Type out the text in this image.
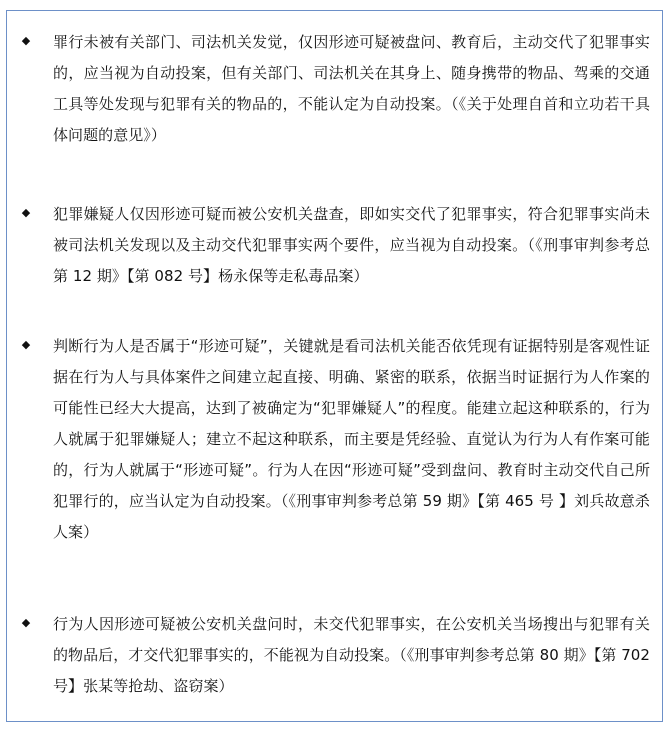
◆	罪行未被有关部门、司法机关发觉，仅因形迹可疑被盘问、教育后，主动交代了犯罪事实的，应当视为自动投案，但有关部门、司法机关在其身上、随身携带的物品、驾乘的交通工具等处发现与犯罪有关的物品的，不能认定为自动投案。（《关于处理自首和立功若干具体问题的意见》）
◆	犯罪嫌疑人仅因形迹可疑而被公安机关盘查，即如实交代了犯罪事实，符合犯罪事实尚未被司法机关发现以及主动交代犯罪事实两个要件，应当视为自动投案。（《刑事审判参考总第 12 期》【第 082 号】杨永保等走私毒品案）
◆	判断行为人是否属于“形迹可疑”，关键就是看司法机关能否依凭现有证据特别是客观性证据在行为人与具体案件之间建立起直接、明确、紧密的联系，依据当时证据行为人作案的可能性已经大大提高，达到了被确定为“犯罪嫌疑人”的程度。能建立起这种联系的，行为人就属于犯罪嫌疑人；建立不起这种联系，而主要是凭经验、直觉认为行为人有作案可能的，行为人就属于“形迹可疑”。行为人在因“形迹可疑”受到盘问、教育时主动交代自己所犯罪行的，应当认定为自动投案。（《刑事审判参考总第 59 期》【第 465 号 】刘兵故意杀人案）
◆	行为人因形迹可疑被公安机关盘问时，未交代犯罪事实，在公安机关当场搜出与犯罪有关的物品后，才交代犯罪事实的，不能视为自动投案。（《刑事审判参考总第 80 期》【第 702 号】张某等抢劫、盗窃案）
